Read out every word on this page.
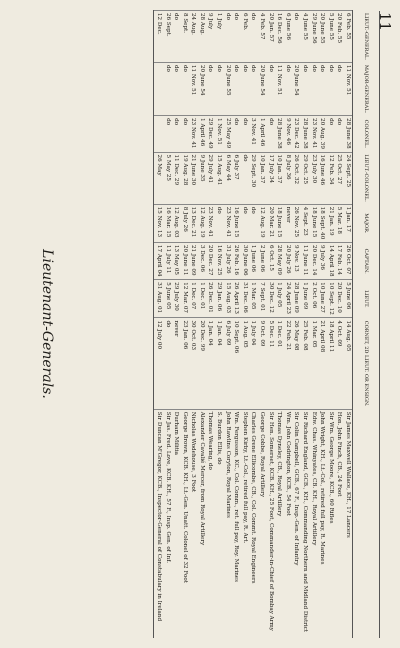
11
	CORNET, 2D LIEUT. OR ENSIGN.	LIEUT.	CAPTAIN.	MAJOR.	LIEUT.-COLONEL.	COLONEL.	MAJOR-GENERAL.	LIEUT.-GENERAL.
Sir James Maxwell Wallace, KH., 17 Lancers	14 Aug. 05	5 June 06	26 Oct. 07	1 Jan. 17	24 Sept. 25	28 June 38	11 Nov. 51	6 Feb. 55
Hon. John Finch, CB., 24 Foot	4 Oct. 09	20 Dec. 10	17 Feb. 14	5 Mar. 18	25 Oct. 27	do	do	20 Feb. 55
Sir Wm. George Moore, KCB., 60 Rifles	18 April 11	10 Sept. 12	14 April 18	21 Jan. 19	12 Feb. 34	do	do	5 June 55
John Wright, KH., Lt.-Col., retired full pay, R. Marines	21 April 08	10 June 27	9 July 36	18 Sept. 40	16 June 46	20 Aug. 39	do	20 June 55
Edw. Chas. Whinyates, CB. KH., Royal Artillery	1 Mar. 05	2 Oct. 06	20 Dec. 14	18 June 15	23 July 30	23 Nov. 41	do	29 June 56
Sir Richard England, GCB., KH., Commanding Northern and Midland District	25 Feb. 08	1 June 09	11 June 11	4 Sept. 23	29 Oct. 25	28 June 38	do	4 June 55
Sir Colin Campbell, GCB., 67 F., Insp.-Gen. of Infantry	26 May 08	28 June 09	9 Nov. 13	26 Nov. 25	26 Oct. 32	23 Dec. 42	20 June 54	do
Wm. John Codrington, KCB., 54 Foot	22 Feb. 21	24 April 23	20 July 26	never	8 July 36	9 Nov. 46	do	6 June 56
Thomas Dyneley, CB., Royal Artillery	1 Dec. 01	1 July 05	28 May 09	18 June 15	10 Jan. 37	28 June 38	11 Nov. 51	16 Dec. 56
Sir Hen. Somerset, KCB. KH., 25 Foot, Commander-in-Chief of Bombay Army	5 Dec. 11	30 Dec. 12	6 Oct. 15	20 Mar. 21	17 July 34	do	do	20 Jan. 57
George Cobbe, Royal Artillery	9 Oct. 09	7 Sept. 01	2 June 06	12 Aug. 19	10 Jan. 37	1 April 46	20 June 54	4 Feb. 57
Charles Grene Ellicombe, CB., Col. Commt. Royal Engineers	1 July 04	1 Mar. 05	1 June 06	do	29 Sept. 30	3 Nov. 41	do	do
Stephen Kirby, Lt.-Col., retired full pay, R. Art.	1 Aug. 05	31 Dec. 06	30 June 06	do	do	do	do	6 Feb.
Wm. Fergusson, KC., Col. Comm., ret. full pay, Roy. Marines	10 Sept. 06	26 April 13	26 Feb. 16	16 June 15	6 July 37	do	do	do
John Rawlins Coryton, Royal Marines	6 July 09	15 Aug. 03	31 July 26	23 Nov. 41	6 May 44	25 May 49	20 June 55	do
S. Burdon Ellis, do	1 Jan. 04	29 Jan. 06	16 Nov. 25	do	15 Aug. 41	1 Nov. 51	do	1 July
Thomas Wearing, do	1 Jan. 04	26 Dec. 01	20 Dec. 27	23 Nov. 41	29 July 41	29 Dec. 49	do	9 July
Alexander Cavalié Mercer, from Royal Artillery	20 Dec. 99	1 Dec. 01	3 Dec. 06	12 Aug. 19	9 June 35	1 April 46	20 June 54	28 Aug.
Nicholas Wodehouse, 3 Foot	30 Oct. 03	1 Dec. 07	21 June 09	13 Dec. 21	21 June 30	23 Nov. 41	11 Nov. 51	24 Aug.
George Brown, KCB. KH., Lt.-Gen. Unatt. Colonel of 32 Foot	23 Jan. 06	12 Mar. 07	20 June 11	8 July 26	19 Aug. 28	do	do	8 Sept.
Durham Militia	never	29 July 30	13 May 05	12 Aug. 03	11 Dec. 29	do	do	do
Sir Jas. Fred. Love, KCB. KH., 57 F., Insp. Gen. of Inf.	do	5 June 05	11 July 11	16 Mar. 15	5 May 25	do	do	26 Sept.
Sir Duncan M'Gregor, KCB., Inspector-General of Constabulary in Ireland	12 July 00	31 Aug. 01	17 April 04	15 Nov. 13	26 May			12 Dec.
Lieutenant-Generals.
